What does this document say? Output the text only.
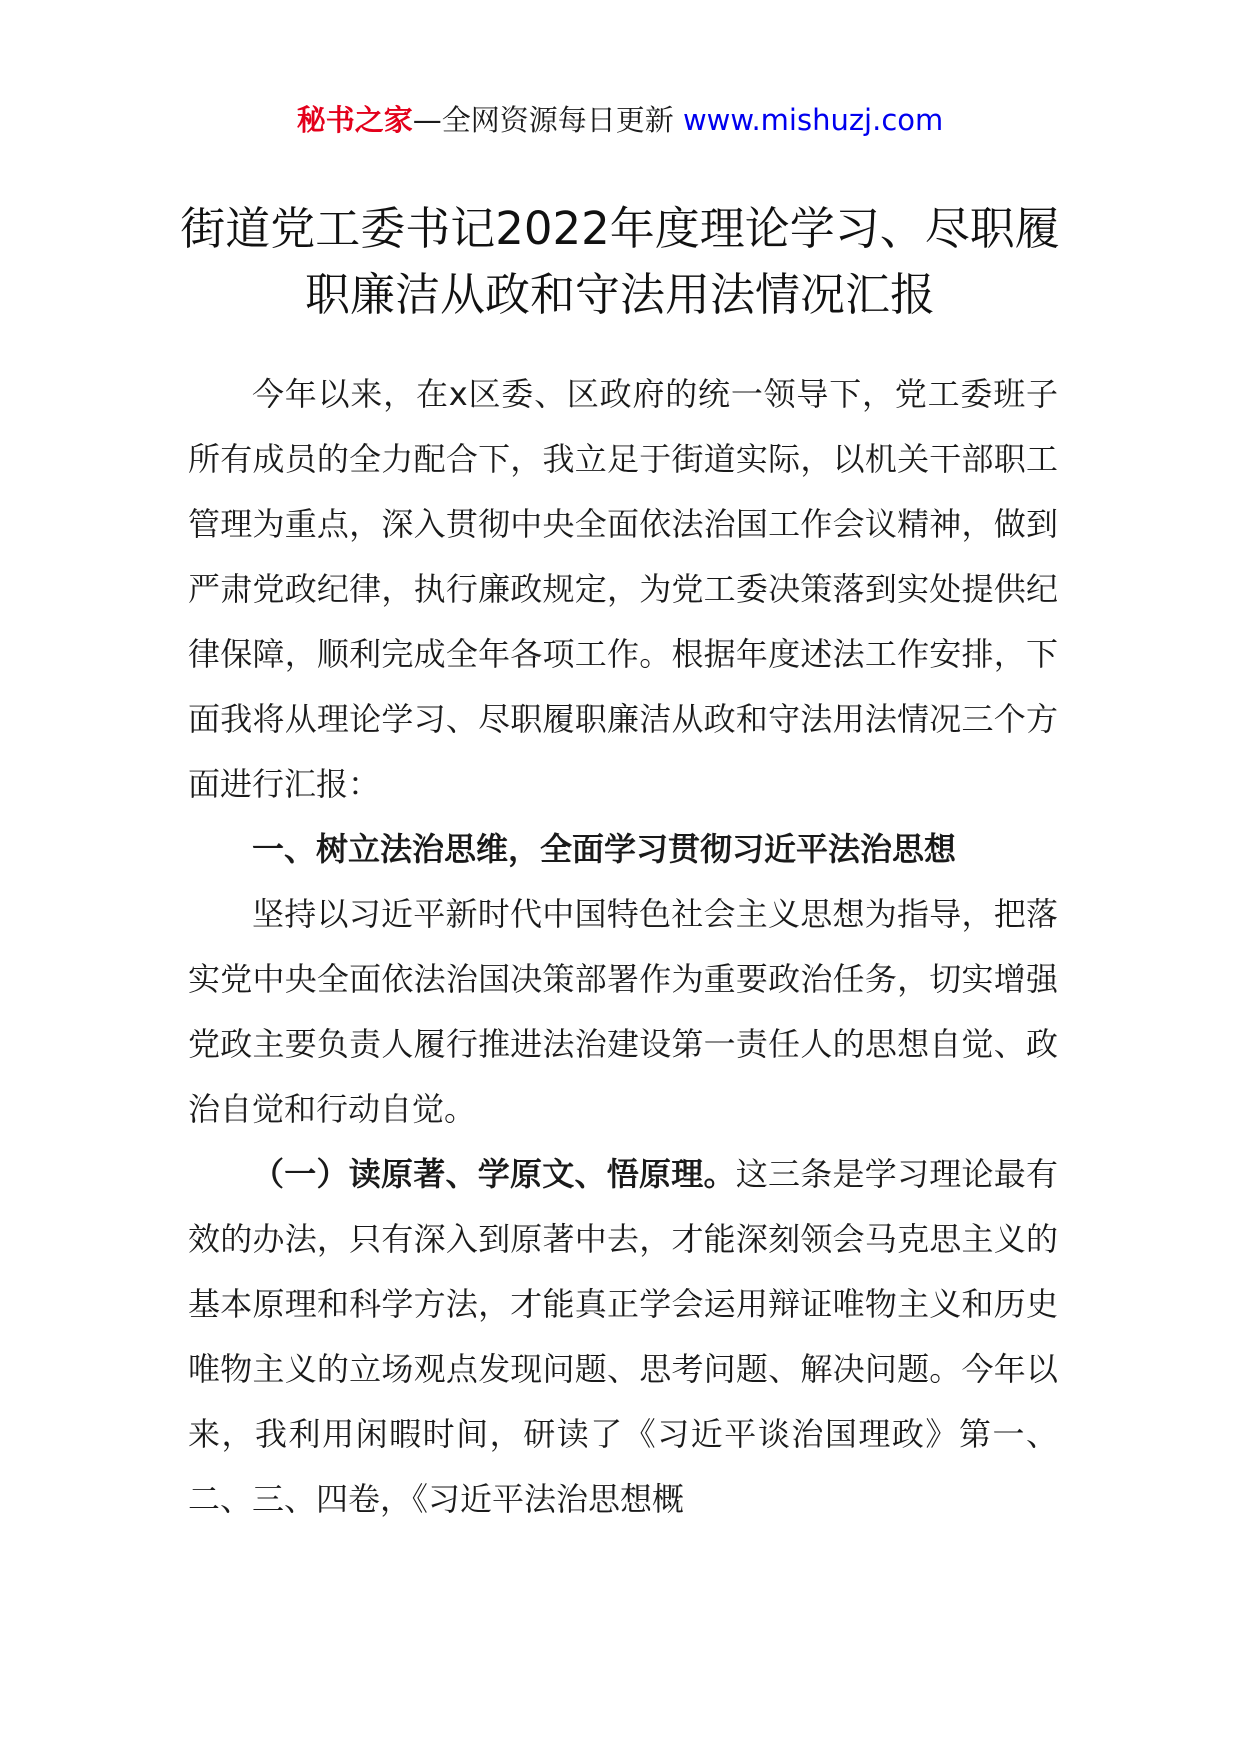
秘书之家—全网资源每日更新 www.mishuzj.com
街道党工委书记2022年度理论学习、尽职履职廉洁从政和守法用法情况汇报

今年以来，在x区委、区政府的统一领导下，党工委班子所有成员的全力配合下，我立足于街道实际，以机关干部职工管理为重点，深入贯彻中央全面依法治国工作会议精神，做到严肃党政纪律，执行廉政规定，为党工委决策落到实处提供纪律保障，顺利完成全年各项工作。根据年度述法工作安排，下面我将从理论学习、尽职履职廉洁从政和守法用法情况三个方面进行汇报：

一、树立法治思维，全面学习贯彻习近平法治思想

坚持以习近平新时代中国特色社会主义思想为指导，把落实党中央全面依法治国决策部署作为重要政治任务，切实增强党政主要负责人履行推进法治建设第一责任人的思想自觉、政治自觉和行动自觉。

（一）读原著、学原文、悟原理。这三条是学习理论最有效的办法，只有深入到原著中去，才能深刻领会马克思主义的基本原理和科学方法，才能真正学会运用辩证唯物主义和历史唯物主义的立场观点发现问题、思考问题、解决问题。今年以来，我利用闲暇时间，研读了《习近平谈治国理政》第一、二、三、四卷，《习近平法治思想概
